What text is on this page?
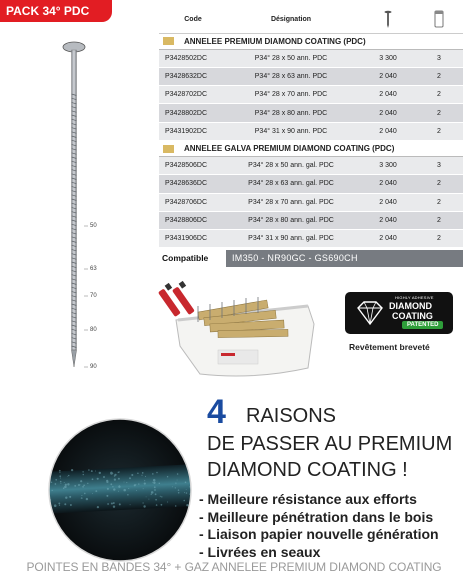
PACK 34° PDC
50
63
70
80
90
Code	Désignation		
ANNELEE PREMIUM DIAMOND COATING (PDC)			
P3428502DC	P34° 28 x 50 ann. PDC	3 300	3
P3428632DC	P34° 28 x 63 ann. PDC	2 040	2
P3428702DC	P34° 28 x 70 ann. PDC	2 040	2
P3428802DC	P34° 28 x 80 ann. PDC	2 040	2
P3431902DC	P34° 31 x 90 ann. PDC	2 040	2
ANNELEE GALVA PREMIUM DIAMOND COATING (PDC)			
P3428506DC	P34° 28 x 50 ann. gal. PDC	3 300	3
P3428636DC	P34° 28 x 63 ann. gal. PDC	2 040	2
P3428706DC	P34° 28 x 70 ann. gal. PDC	2 040	2
P3428806DC	P34° 28 x 80 ann. gal. PDC	2 040	2
P3431906DC	P34° 31 x 90 ann. gal. PDC	2 040	2
Compatible	IM350 - NR90GC - GS690CH
HIGHLY ADHESIVE
DIAMOND
COATING
PATENTED
Revêtement breveté
4 RAISONS
DE PASSER AU PREMIUM
DIAMOND COATING !
- Meilleure résistance aux efforts
- Meilleure pénétration dans le bois
- Liaison papier nouvelle génération
- Livrées en seaux
POINTES EN BANDES 34° + GAZ ANNELEE PREMIUM DIAMOND COATING
